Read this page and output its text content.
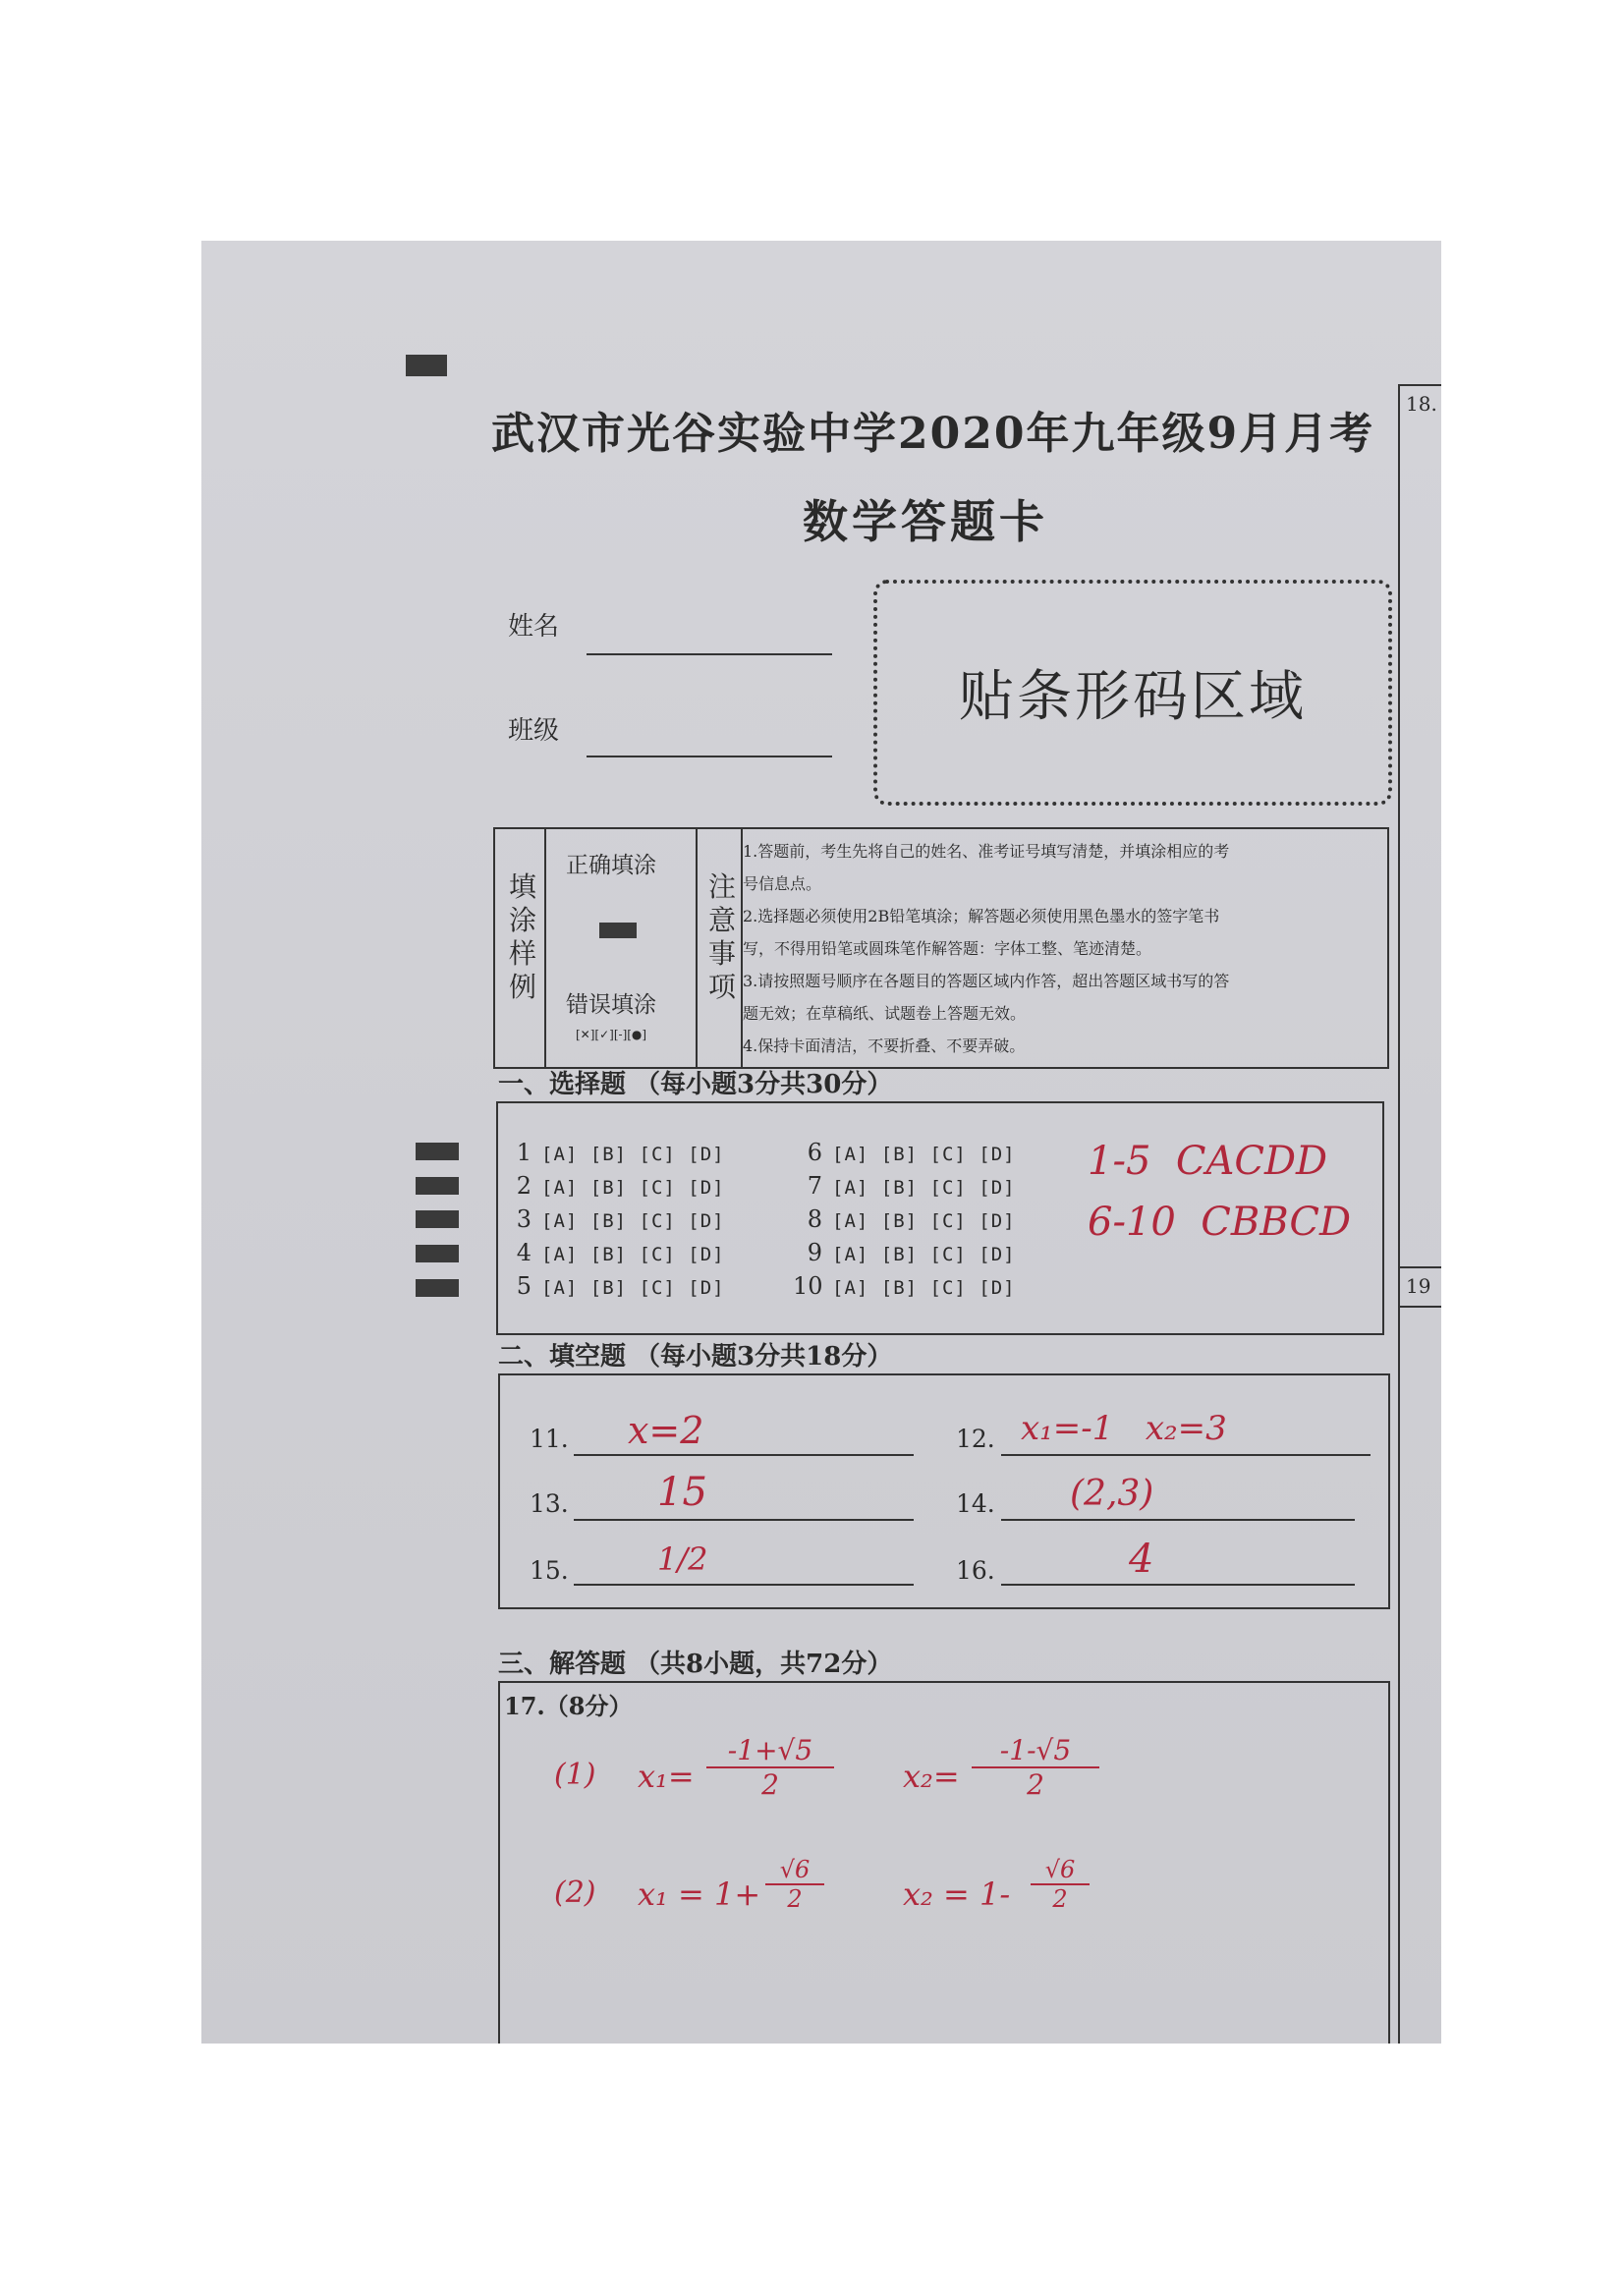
武汉市光谷实验中学2020年九年级9月月考
数学答题卡
姓名
班级
贴条形码区域
填涂样例
正确填涂
错误填涂
[✕][✓][-][●]
注意事项
1.答题前，考生先将自己的姓名、准考证号填写清楚，并填涂相应的考
号信息点。
2.选择题必须使用2B铅笔填涂；解答题必须使用黑色墨水的签字笔书
写，不得用铅笔或圆珠笔作解答题：字体工整、笔迹清楚。
3.请按照题号顺序在各题目的答题区域内作答，超出答题区域书写的答
题无效；在草稿纸、试题卷上答题无效。
4.保持卡面清洁，不要折叠、不要弄破。
一、选择题 （每小题3分共30分）
1 [A] [B] [C] [D]
2 [A] [B] [C] [D]
3 [A] [B] [C] [D]
4 [A] [B] [C] [D]
5 [A] [B] [C] [D]
6 [A] [B] [C] [D]
7 [A] [B] [C] [D]
8 [A] [B] [C] [D]
9 [A] [B] [C] [D]
10 [A] [B] [C] [D]
1-5  CACDD
6-10  CBBCD
二、填空题 （每小题3分共18分）
11. x=2	12. x₁=-1   x₂=3
13. 15	14. (2,3)
15.	1/2	16.	4
三、解答题 （共8小题，共72分）
17.（8分）
(1) $x_1= \frac{-1+√5}{2} x_2= \frac{-1-√5}{2}$
(2) $x_1 = 1+ \frac{√6}{2}$	$x_2 = 1- \frac{√6}{2}$
18.
19
